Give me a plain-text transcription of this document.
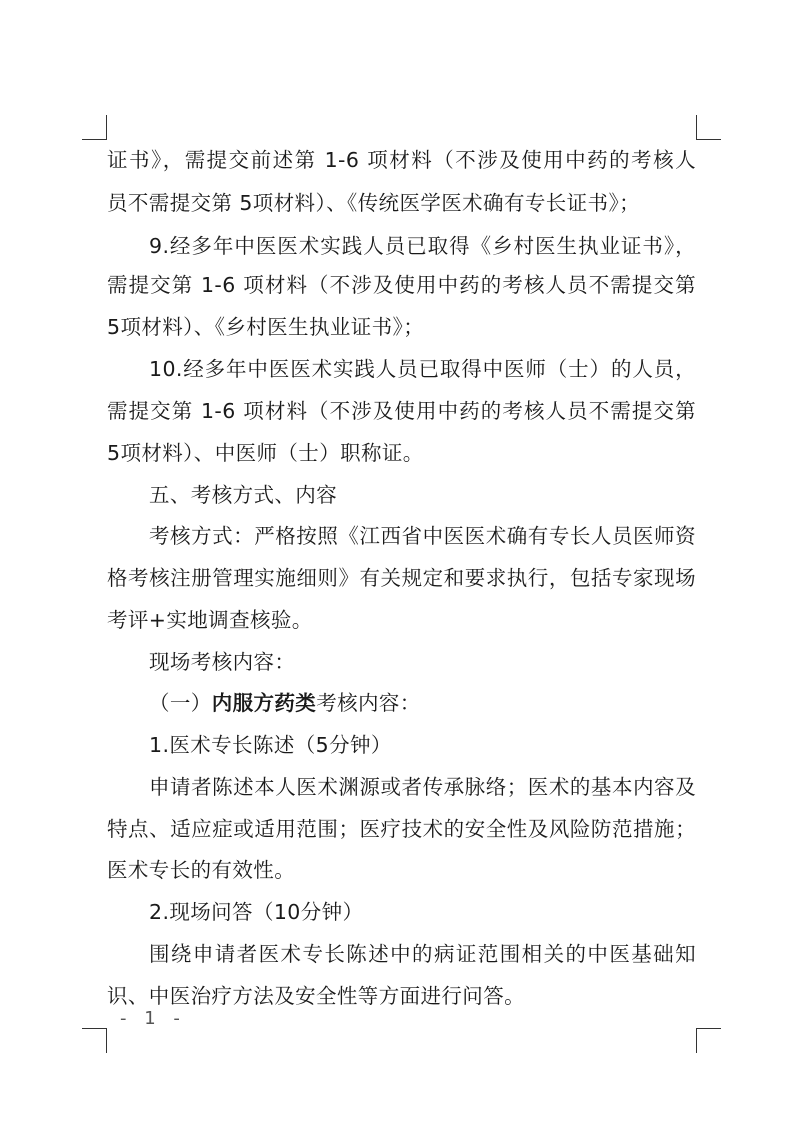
证书》，需提交前述第 1-6 项材料（不涉及使用中药的考核人
员不需提交第 5项材料）、《传统医学医术确有专长证书》；
9.经多年中医医术实践人员已取得《乡村医生执业证书》，
需提交第 1-6 项材料（不涉及使用中药的考核人员不需提交第
5项材料）、《乡村医生执业证书》；
10.经多年中医医术实践人员已取得中医师（士）的人员，
需提交第 1-6 项材料（不涉及使用中药的考核人员不需提交第
5项材料）、中医师（士）职称证。
五、考核方式、内容
考核方式：严格按照《江西省中医医术确有专长人员医师资
格考核注册管理实施细则》有关规定和要求执行，包括专家现场
考评+实地调查核验。
现场考核内容：
（一）内服方药类考核内容：
1.医术专长陈述（5分钟）
申请者陈述本人医术渊源或者传承脉络；医术的基本内容及
特点、适应症或适用范围；医疗技术的安全性及风险防范措施；
医术专长的有效性。
2.现场问答（10分钟）
围绕申请者医术专长陈述中的病证范围相关的中医基础知
识、中医治疗方法及安全性等方面进行问答。
- 1 -
